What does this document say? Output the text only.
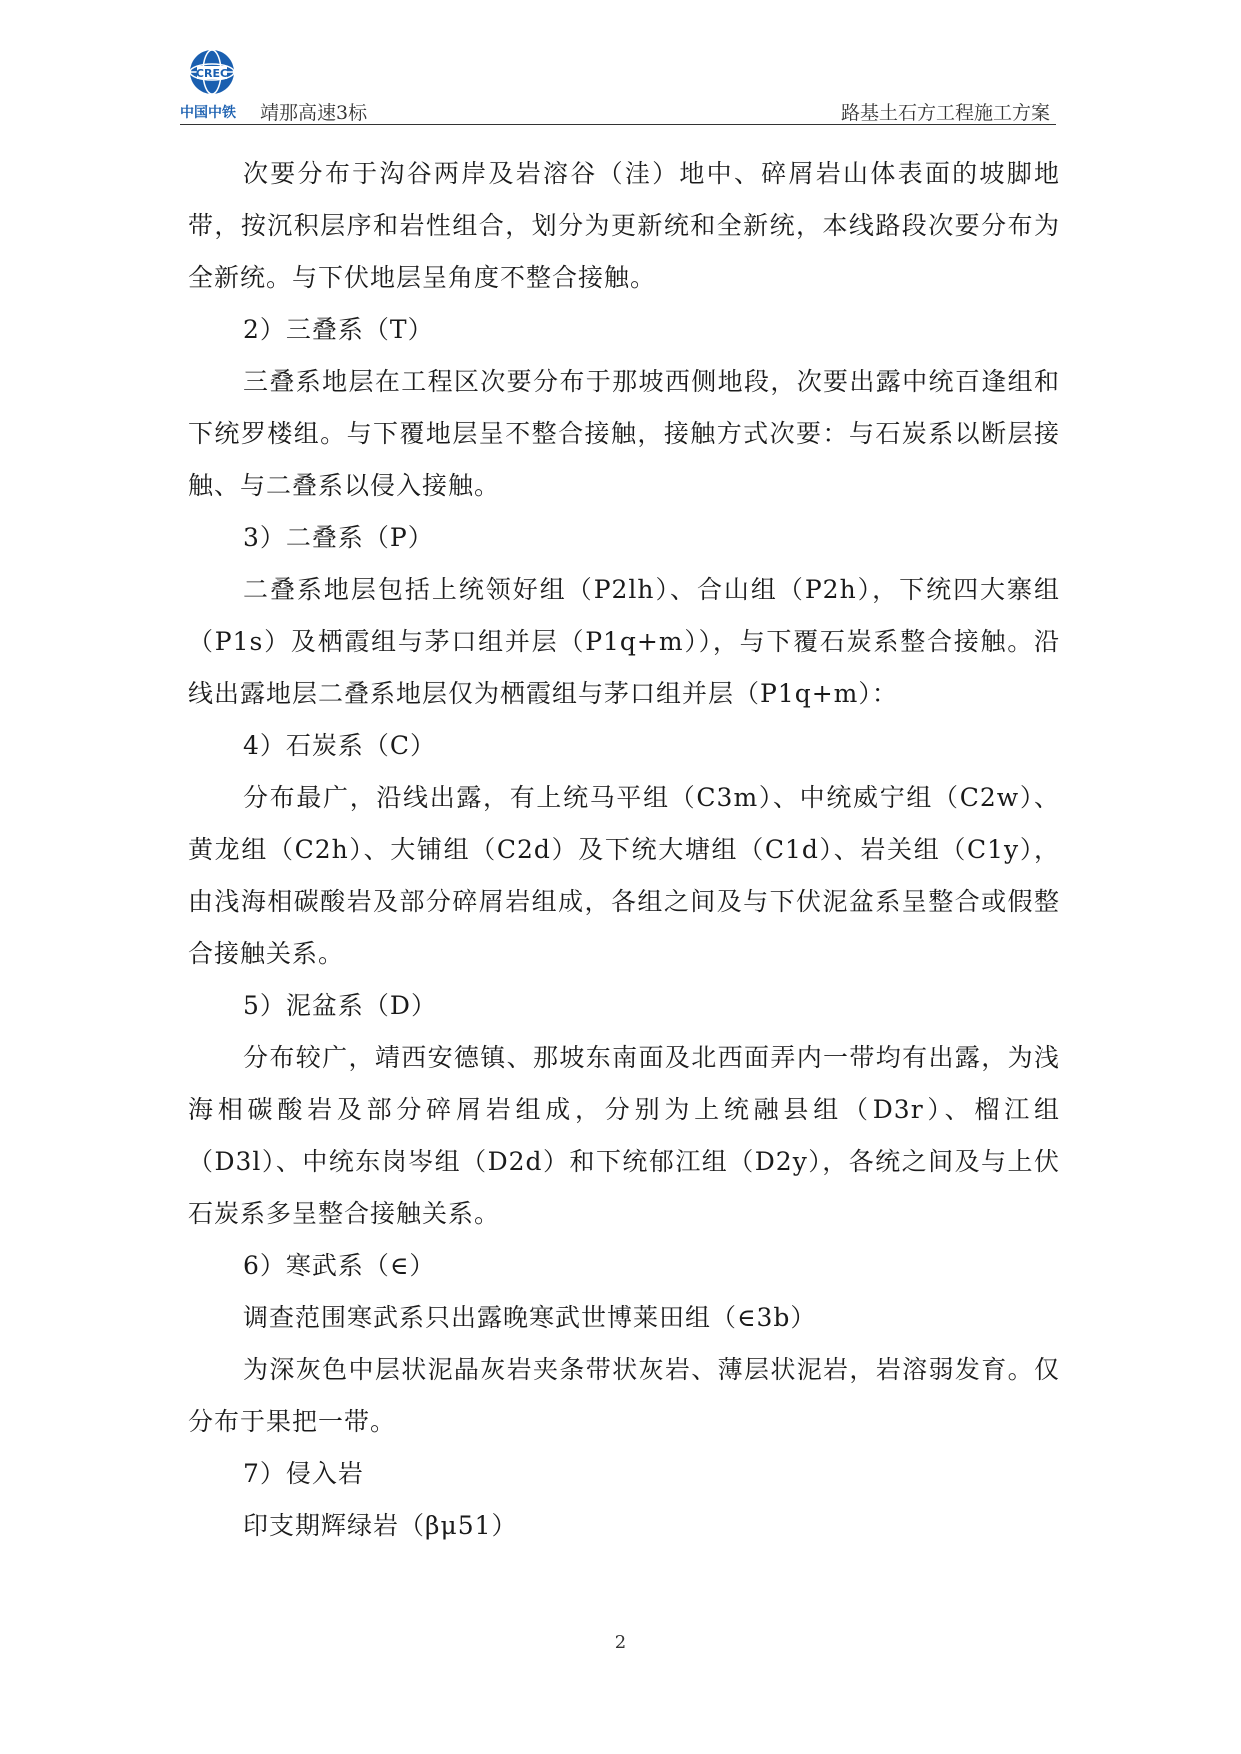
CREC
中国中铁 靖那高速3标	路基土石方工程施工方案

次要分布于沟谷两岸及岩溶谷（洼）地中、碎屑岩山体表面的坡脚地带，按沉积层序和岩性组合，划分为更新统和全新统，本线路段次要分布为全新统。与下伏地层呈角度不整合接触。

2）三叠系（T）

三叠系地层在工程区次要分布于那坡西侧地段，次要出露中统百逢组和下统罗楼组。与下覆地层呈不整合接触，接触方式次要：与石炭系以断层接触、与二叠系以侵入接触。

3）二叠系（P）

二叠系地层包括上统领好组（P2lh）、合山组（P2h），下统四大寨组（P1s）及栖霞组与茅口组并层（P1q+m）），与下覆石炭系整合接触。沿线出露地层二叠系地层仅为栖霞组与茅口组并层（P1q+m）：

4）石炭系（C）

分布最广，沿线出露，有上统马平组（C3m）、中统威宁组（C2w）、黄龙组（C2h）、大铺组（C2d）及下统大塘组（C1d）、岩关组（C1y），由浅海相碳酸岩及部分碎屑岩组成，各组之间及与下伏泥盆系呈整合或假整合接触关系。

5）泥盆系（D）

分布较广，靖西安德镇、那坡东南面及北西面弄内一带均有出露，为浅海相碳酸岩及部分碎屑岩组成，分别为上统融县组（D3r）、榴江组（D3l）、中统东岗岑组（D2d）和下统郁江组（D2y），各统之间及与上伏石炭系多呈整合接触关系。

6）寒武系（∈）

调查范围寒武系只出露晚寒武世博莱田组（∈3b）

为深灰色中层状泥晶灰岩夹条带状灰岩、薄层状泥岩，岩溶弱发育。仅分布于果把一带。

7）侵入岩

印支期辉绿岩（βμ51）

2
